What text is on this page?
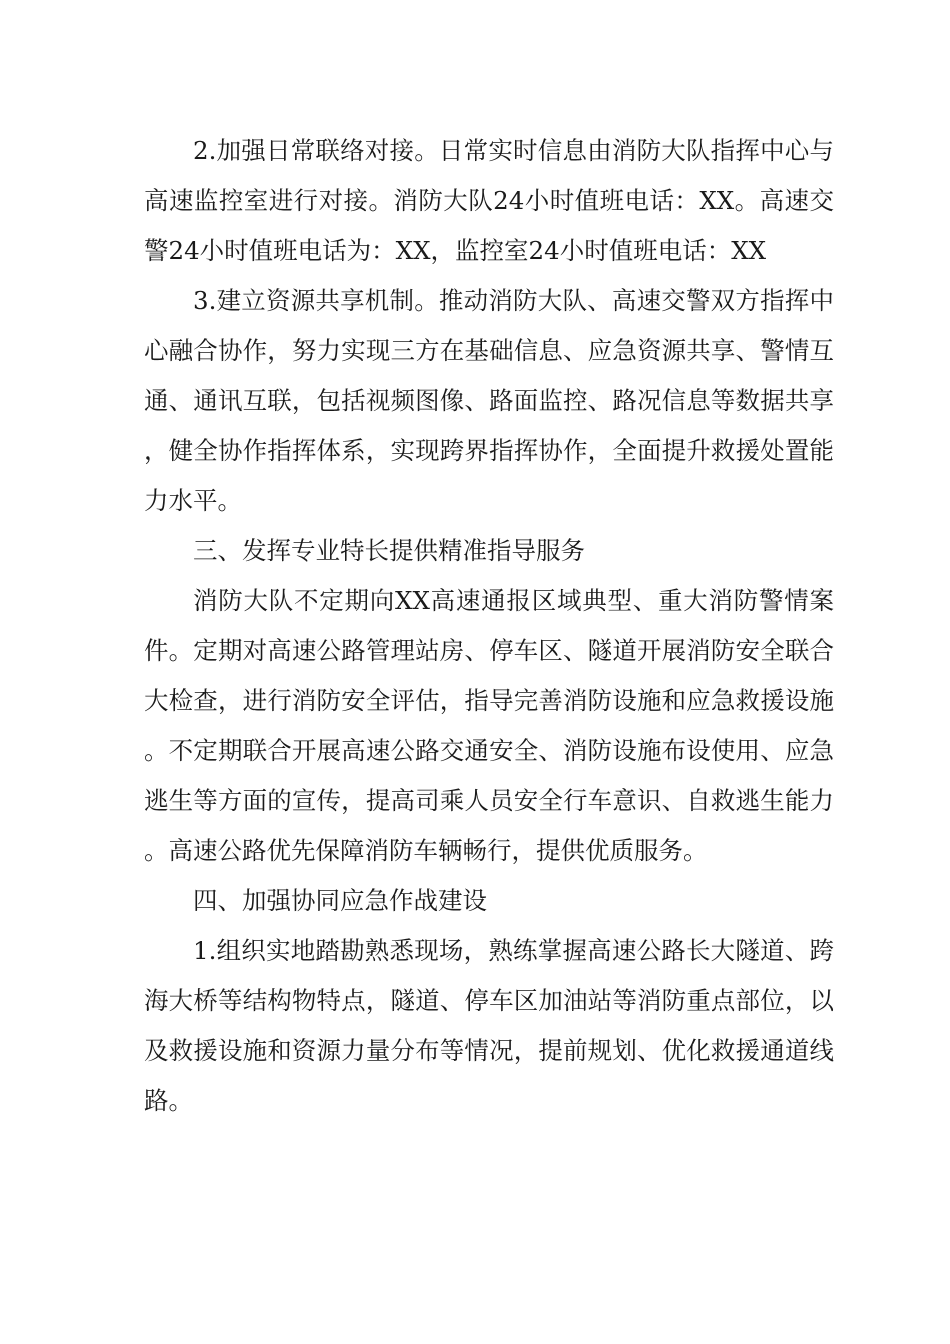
2.加强日常联络对接。日常实时信息由消防大队指挥中心与高速监控室进行对接。消防大队24小时值班电话：XX。高速交警24小时值班电话为：XX，监控室24小时值班电话：XX

3.建立资源共享机制。推动消防大队、高速交警双方指挥中心融合协作，努力实现三方在基础信息、应急资源共享、警情互通、通讯互联，包括视频图像、路面监控、路况信息等数据共享，健全协作指挥体系，实现跨界指挥协作，全面提升救援处置能力水平。

三、发挥专业特长提供精准指导服务

消防大队不定期向XX高速通报区域典型、重大消防警情案件。定期对高速公路管理站房、停车区、隧道开展消防安全联合大检查，进行消防安全评估，指导完善消防设施和应急救援设施。不定期联合开展高速公路交通安全、消防设施布设使用、应急逃生等方面的宣传，提高司乘人员安全行车意识、自救逃生能力。高速公路优先保障消防车辆畅行，提供优质服务。

四、加强协同应急作战建设

1.组织实地踏勘熟悉现场，熟练掌握高速公路长大隧道、跨海大桥等结构物特点，隧道、停车区加油站等消防重点部位，以及救援设施和资源力量分布等情况，提前规划、优化救援通道线路。
